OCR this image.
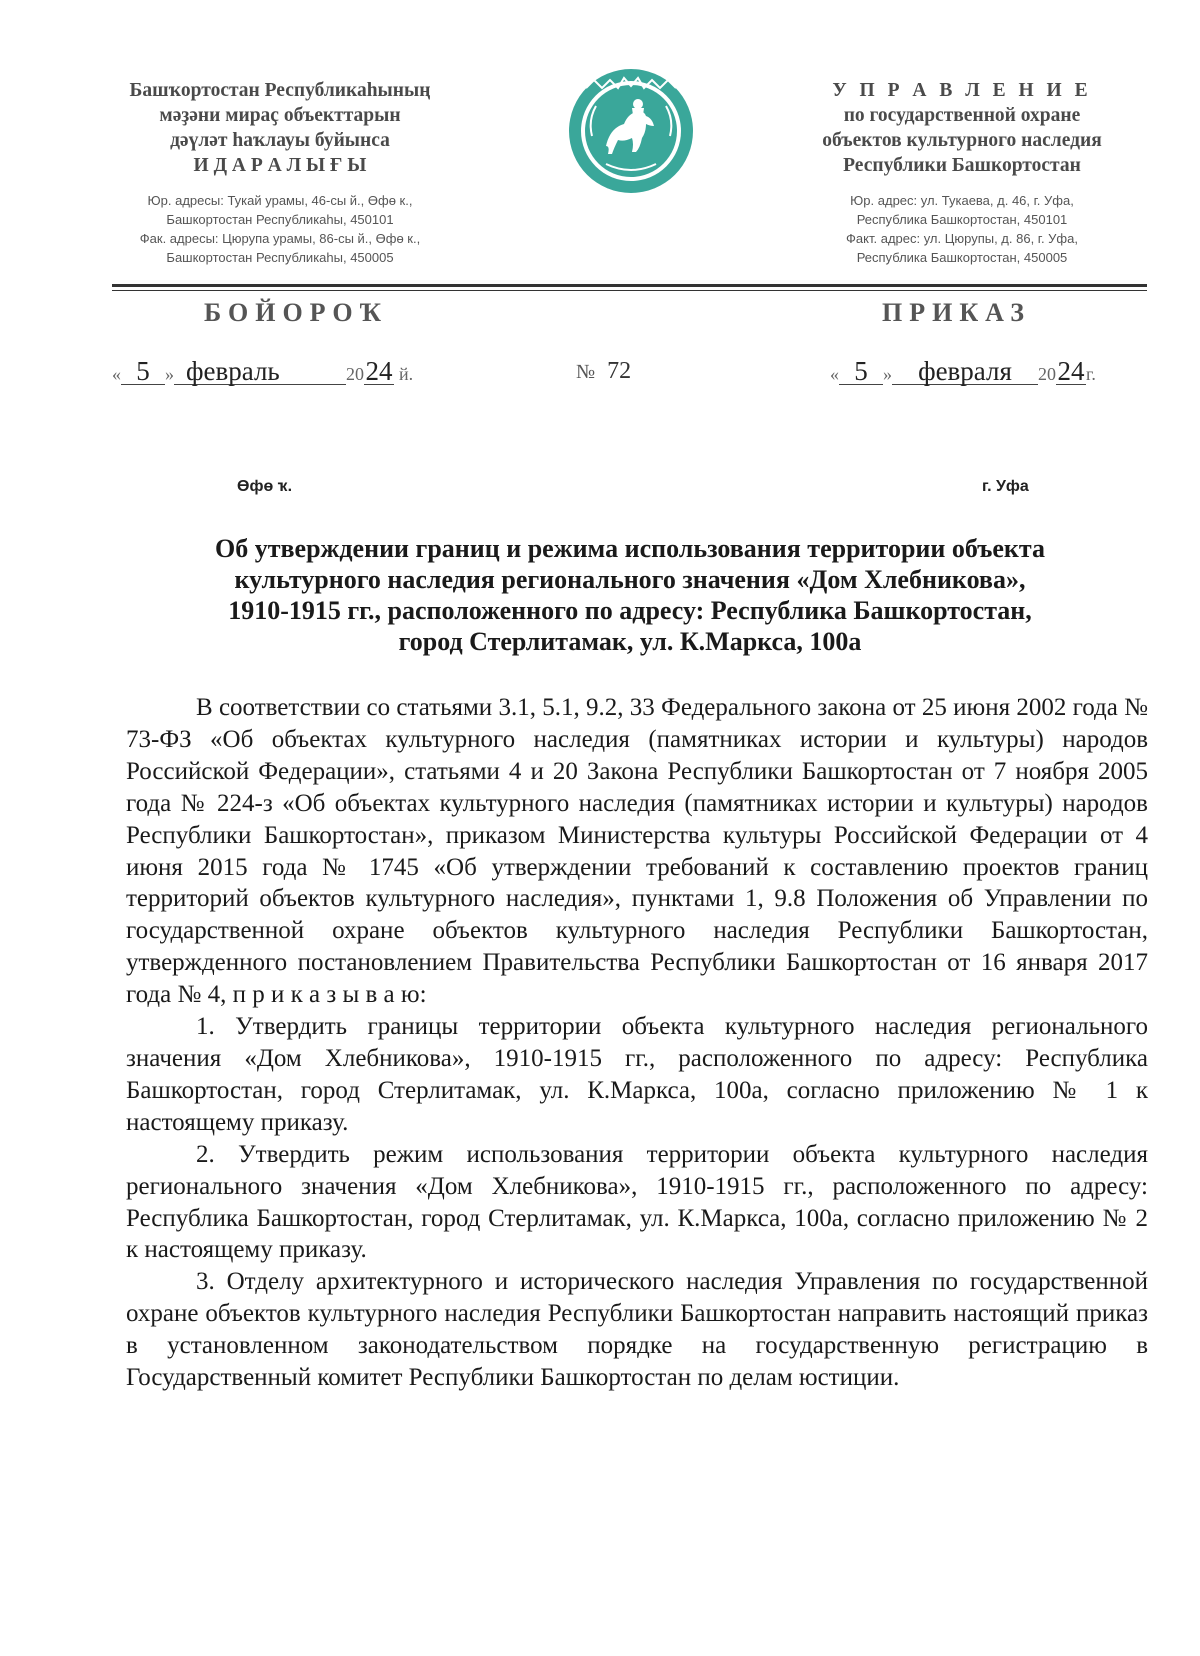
Башҡортостан Республикаһының
мәҙәни мираҫ объекттарын
дәүләт һаҡлауы буйынса
И Д А Р А Л Ы Ғ Ы
Юр. адресы: Тукай урамы, 46-сы й., Өфө к.,
Башкортостан Республикаһы, 450101
Фак. адресы: Цюрупа урамы, 86-сы й., Өфө к.,
Башкортостан Республикаһы, 450005
У П Р А В Л Е Н И Е
по государственной охране
объектов культурного наследия
Республики Башкортостан
Юр. адрес: ул. Тукаева, д. 46, г. Уфа,
Республика Башкортостан, 450101
Факт. адрес: ул. Цюрупы, д. 86, г. Уфа,
Республика Башкортостан, 450005
БОЙОРОҠ	ПРИКАЗ
« 5 » февраль	2024 й.	№ 72	« 5 » февраля 2024г.
Өфө ҡ.	г. Уфа
Об утверждении границ и режима использования территории объекта
культурного наследия регионального значения «Дом Хлебникова»,
1910-1915 гг., расположенного по адресу: Республика Башкортостан,
город Стерлитамак, ул. К.Маркса, 100а

В соответствии со статьями 3.1, 5.1, 9.2, 33 Федерального закона от 25 июня 2002 года № 73-ФЗ «Об объектах культурного наследия (памятниках истории и культуры) народов Российской Федерации», статьями 4 и 20 Закона Республики Башкортостан от 7 ноября 2005 года № 224-з «Об объектах культурного наследия (памятниках истории и культуры) народов Республики Башкортостан», приказом Министерства культуры Российской Федерации от 4 июня 2015 года № 1745 «Об утверждении требований к составлению проектов границ территорий объектов культурного наследия», пунктами 1, 9.8 Положения об Управлении по государственной охране объектов культурного наследия Республики Башкортостан, утвержденного постановлением Правительства Республики Башкортостан от 16 января 2017 года № 4, п р и к а з ы в а ю:

1. Утвердить границы территории объекта культурного наследия регионального значения «Дом Хлебникова», 1910-1915 гг., расположенного по адресу: Республика Башкортостан, город Стерлитамак, ул. К.Маркса, 100а, согласно приложению № 1 к настоящему приказу.

2. Утвердить режим использования территории объекта культурного наследия регионального значения «Дом Хлебникова», 1910-1915 гг., расположенного по адресу: Республика Башкортостан, город Стерлитамак, ул. К.Маркса, 100а, согласно приложению № 2 к настоящему приказу.

3. Отделу архитектурного и исторического наследия Управления по государственной охране объектов культурного наследия Республики Башкортостан направить настоящий приказ в установленном законодательством порядке на государственную регистрацию в Государственный комитет Республики Башкортостан по делам юстиции.
